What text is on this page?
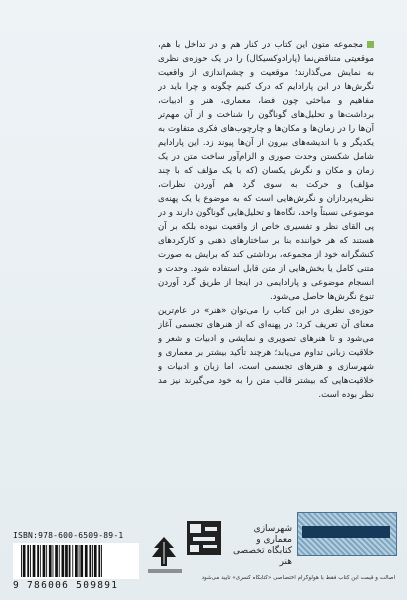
مجموعه متون این کتاب در کنار هم و در تداخل با هم، موقعیتی متناقض‌نما (پارادوکسیکال) را در یک حوزه‌ی نظری به نمایش می‌گذارند؛ موقعیت و چشم‌اندازی از واقعیت نگرش‌ها در این پارادایم که درک کنیم چگونه و چرا باید در مفاهیم و مباحثی چون فضا، معماری، هنر و ادبیات، برداشت‌ها و تحلیل‌های گوناگون را شناخت و از آن مهم‌تر آن‌ها را در زمان‌ها و مکان‌ها و چارچوب‌های فکری متفاوت به یکدیگر و با اندیشه‌های بیرون از آن‌ها پیوند زد. این پارادایم شامل شکستن وحدت صوری و الزام‌آور ساخت متن در یک زمان و مکان و نگرش یکسان (که با یک مؤلف که با چند مؤلف) و حرکت به سوی گرد هم آوردن نظرات، نظریه‌پردازان و نگرش‌هایی است که به موضوع یا یک پهنه‌ی موضوعی نسبتاً واحد، نگاه‌ها و تحلیل‌هایی گوناگون دارند و در پی القای نظر و تفسیری خاص از واقعیت نبوده بلکه بر آن هستند که هر خواننده بنا بر ساختارهای ذهنی و کارکردهای کنشگرانه خود از مجموعه، برداشتی کند که برایش به صورت متنی کامل یا بخش‌هایی از متن قابل استفاده شود. وحدت و انسجام موضوعی و پارادایمی در اینجا از طریق گرد آوردن تنوع نگرش‌ها حاصل می‌شود.

حوزه‌ی نظری در این کتاب را می‌توان «هنر» در عام‌ترین معنای آن تعریف کرد: در پهنه‌ای که از هنرهای تجسمی آغاز می‌شود و تا هنرهای تصویری و نمایشی و ادبیات و شعر و خلاقیت زبانی تداوم می‌یابد؛ هرچند تأکید بیشتر بر معماری و شهرسازی و هنرهای تجسمی است، اما زبان و ادبیات و خلاقیت‌هایی که بیشتر قالب متن را به خود می‌گیرند نیز مد نظر بوده است.

ISBN:978-600-6509-89-1
9 786006 509891
شهرسازی
معماری و
کتابگاه تخصصی هنر
اصالت و قیمت این کتاب فقط با هولوگرام اختصاصی «کتابگاه کسری» تأیید می‌شود
